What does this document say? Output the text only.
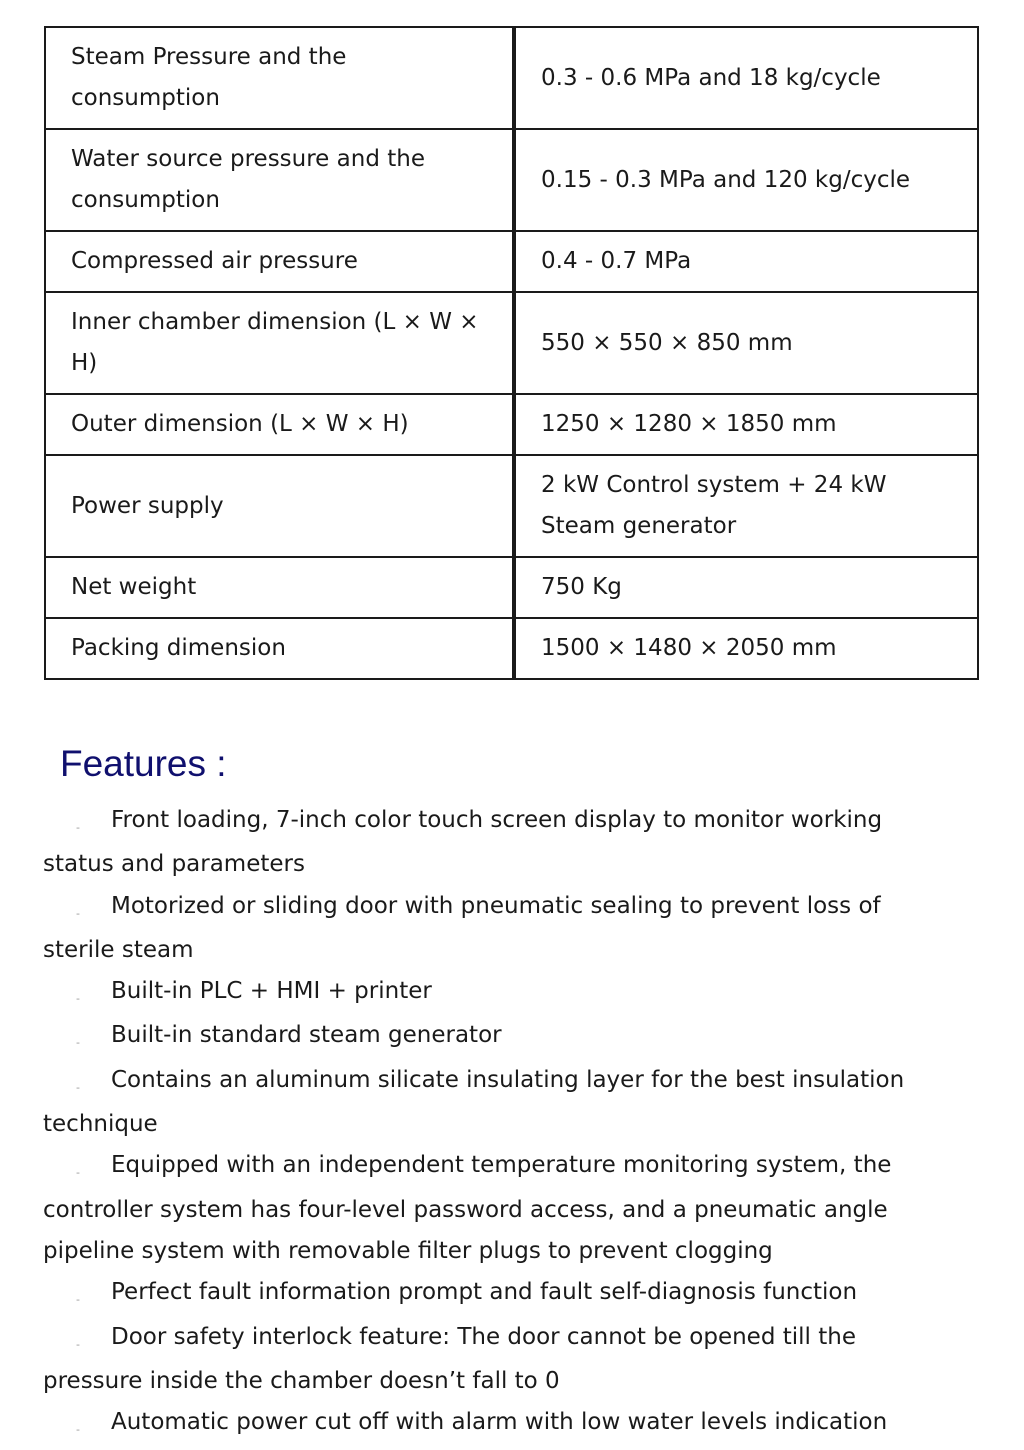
Steam Pressure and the consumption	0.3 - 0.6 MPa and 18 kg/cycle
Water source pressure and the consumption	0.15 - 0.3 MPa and 120 kg/cycle
Compressed air pressure	0.4 - 0.7 MPa
Inner chamber dimension (L × W × H)	550 × 550 × 850 mm
Outer dimension (L × W × H)	1250 × 1280 × 1850 mm
Power supply	2 kW Control system + 24 kW Steam generator
Net weight	750 Kg
Packing dimension	1500 × 1480 × 2050 mm
Features :
- Front loading, 7-inch color touch screen display to monitor working status and parameters
- Motorized or sliding door with pneumatic sealing to prevent loss of sterile steam
- Built-in PLC + HMI + printer
- Built-in standard steam generator
- Contains an aluminum silicate insulating layer for the best insulation technique
- Equipped with an independent temperature monitoring system, the controller system has four-level password access, and a pneumatic angle pipeline system with removable filter plugs to prevent clogging
- Perfect fault information prompt and fault self-diagnosis function
- Door safety interlock feature: The door cannot be opened till the pressure inside the chamber doesn’t fall to 0
- Automatic power cut off with alarm with low water levels indication
